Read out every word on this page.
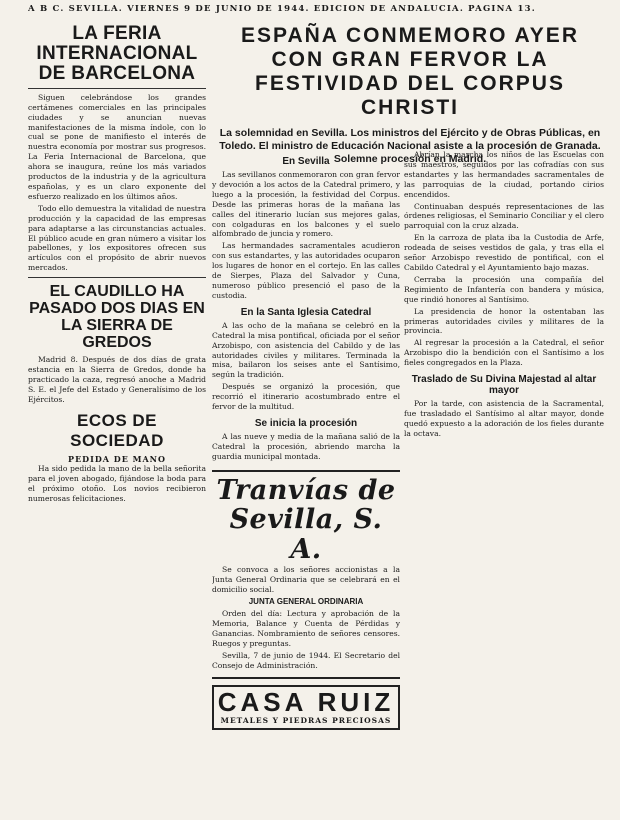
A B C. SEVILLA. VIERNES 9 DE JUNIO DE 1944. EDICION DE ANDALUCIA. PAGINA 13.
LA FERIA INTERNACIONAL DE BARCELONA

Siguen celebrándose los grandes certámenes comerciales en las principales ciudades y se anuncian nuevas manifestaciones de la misma índole, con lo cual se pone de manifiesto el interés de nuestra economía por mostrar sus progresos. La Feria Internacional de Barcelona, que ahora se inaugura, reúne los más variados productos de la industria y de la agricultura españolas, y es un claro exponente del esfuerzo realizado en los últimos años.

Todo ello demuestra la vitalidad de nuestra producción y la capacidad de las empresas para adaptarse a las circunstancias actuales. El público acude en gran número a visitar los pabellones, y los expositores ofrecen sus artículos con el propósito de abrir nuevos mercados.

EL CAUDILLO HA PASADO DOS DIAS EN LA SIERRA DE GREDOS

Madrid 8. Después de dos días de grata estancia en la Sierra de Gredos, donde ha practicado la caza, regresó anoche a Madrid S. E. el Jefe del Estado y Generalísimo de los Ejércitos.

ECOS DE SOCIEDAD
PEDIDA DE MANO

Ha sido pedida la mano de la bella señorita para el joven abogado, fijándose la boda para el próximo otoño. Los novios recibieron numerosas felicitaciones.

ESPAÑA CONMEMORO AYER CON GRAN FERVOR LA FESTIVIDAD DEL CORPUS CHRISTI
La solemnidad en Sevilla. Los ministros del Ejército y de Obras Públicas, en Toledo. El ministro de Educación Nacional asiste a la procesión de Granada. Solemne procesión en Madrid.
En Sevilla

Las sevillanos conmemoraron con gran fervor y devoción a los actos de la Catedral primero, y luego a la procesión, la festividad del Corpus. Desde las primeras horas de la mañana las calles del itinerario lucían sus mejores galas, con colgaduras en los balcones y el suelo alfombrado de juncia y romero.

Las hermandades sacramentales acudieron con sus estandartes, y las autoridades ocuparon los lugares de honor en el cortejo. En las calles de Sierpes, Plaza del Salvador y Cuna, numeroso público presenció el paso de la custodia.

En la Santa Iglesia Catedral

A las ocho de la mañana se celebró en la Catedral la misa pontifical, oficiada por el señor Arzobispo, con asistencia del Cabildo y de las autoridades civiles y militares. Terminada la misa, bailaron los seises ante el Santísimo, según la tradición.

Después se organizó la procesión, que recorrió el itinerario acostumbrado entre el fervor de la multitud.

Se inicia la procesión

A las nueve y media de la mañana salió de la Catedral la procesión, abriendo marcha la guardia municipal montada.

Tranvías de Sevilla, S. A.

Se convoca a los señores accionistas a la Junta General Ordinaria que se celebrará en el domicilio social.

JUNTA GENERAL ORDINARIA

Orden del día: Lectura y aprobación de la Memoria, Balance y Cuenta de Pérdidas y Ganancias. Nombramiento de señores censores. Ruegos y preguntas.

Sevilla, 7 de junio de 1944. El Secretario del Consejo de Administración.

CASA RUIZ
METALES Y PIEDRAS PRECIOSAS

Abrían la marcha los niños de las Escuelas con sus maestros, seguidos por las cofradías con sus estandartes y las hermandades sacramentales de las parroquias de la ciudad, portando cirios encendidos.

Continuaban después representaciones de las órdenes religiosas, el Seminario Conciliar y el clero parroquial con la cruz alzada.

En la carroza de plata iba la Custodia de Arfe, rodeada de seises vestidos de gala, y tras ella el señor Arzobispo revestido de pontifical, con el Cabildo Catedral y el Ayuntamiento bajo mazas.

Cerraba la procesión una compañía del Regimiento de Infantería con bandera y música, que rindió honores al Santísimo.

La presidencia de honor la ostentaban las primeras autoridades civiles y militares de la provincia.

Al regresar la procesión a la Catedral, el señor Arzobispo dio la bendición con el Santísimo a los fieles congregados en la Plaza.

Traslado de Su Divina Majestad al altar mayor

Por la tarde, con asistencia de la Sacramental, fue trasladado el Santísimo al altar mayor, donde quedó expuesto a la adoración de los fieles durante la octava.
